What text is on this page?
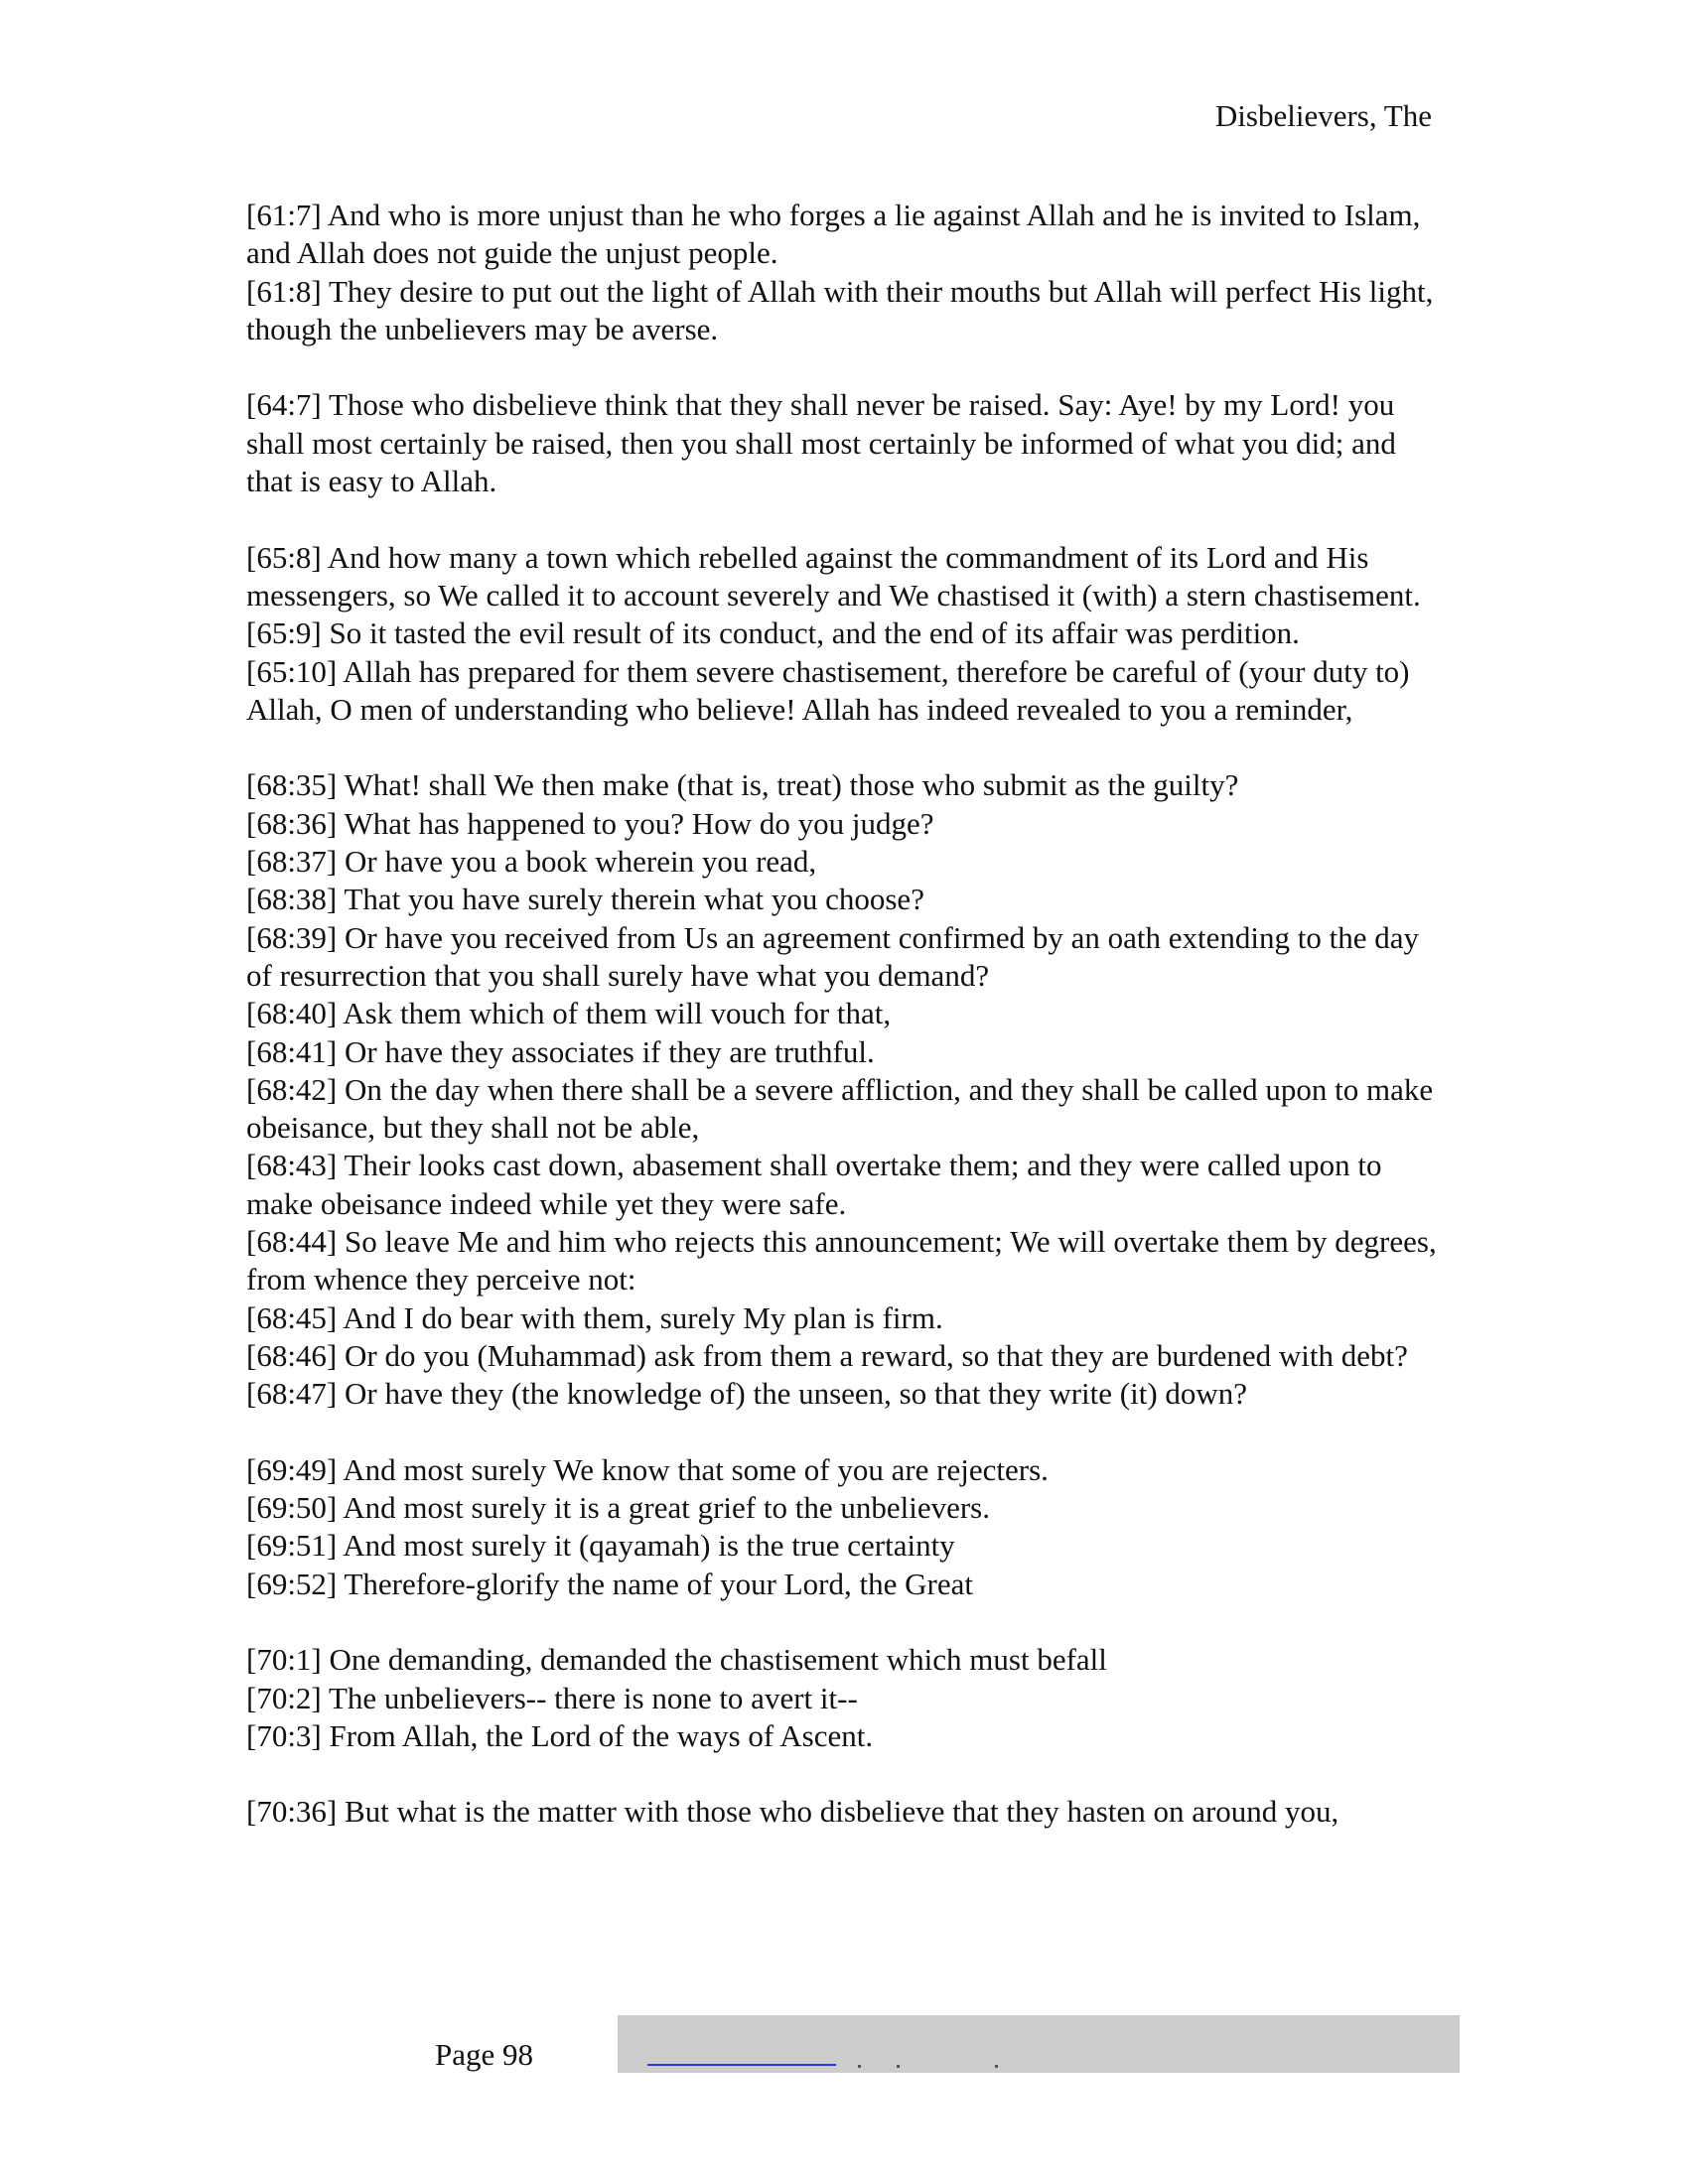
Disbelievers, The

[61:7] And who is more unjust than he who forges a lie against Allah and he is invited to Islam, and Allah does not guide the unjust people.

[61:8] They desire to put out the light of Allah with their mouths but Allah will perfect His light, though the unbelievers may be averse.

[64:7] Those who disbelieve think that they shall never be raised. Say: Aye! by my Lord! you shall most certainly be raised, then you shall most certainly be informed of what you did; and that is easy to Allah.

[65:8] And how many a town which rebelled against the commandment of its Lord and His messengers, so We called it to account severely and We chastised it (with) a stern chastisement.

[65:9] So it tasted the evil result of its conduct, and the end of its affair was perdition.

[65:10] Allah has prepared for them severe chastisement, therefore be careful of (your duty to) Allah, O men of understanding who believe! Allah has indeed revealed to you a reminder,

[68:35] What! shall We then make (that is, treat) those who submit as the guilty?

[68:36] What has happened to you? How do you judge?

[68:37] Or have you a book wherein you read,

[68:38] That you have surely therein what you choose?

[68:39] Or have you received from Us an agreement confirmed by an oath extending to the day of resurrection that you shall surely have what you demand?

[68:40] Ask them which of them will vouch for that,

[68:41] Or have they associates if they are truthful.

[68:42] On the day when there shall be a severe affliction, and they shall be called upon to make obeisance, but they shall not be able,

[68:43] Their looks cast down, abasement shall overtake them; and they were called upon to make obeisance indeed while yet they were safe.

[68:44] So leave Me and him who rejects this announcement; We will overtake them by degrees, from whence they perceive not:

[68:45] And I do bear with them, surely My plan is firm.

[68:46] Or do you (Muhammad) ask from them a reward, so that they are burdened with debt?

[68:47] Or have they (the knowledge of) the unseen, so that they write (it) down?

[69:49] And most surely We know that some of you are rejecters.

[69:50] And most surely it is a great grief to the unbelievers.

[69:51] And most surely it (qayamah) is the true certainty

[69:52] Therefore-glorify the name of your Lord, the Great

[70:1] One demanding, demanded the chastisement which must befall

[70:2] The unbelievers-- there is none to avert it--

[70:3] From Allah, the Lord of the ways of Ascent.

[70:36] But what is the matter with those who disbelieve that they hasten on around you,

Page 98
